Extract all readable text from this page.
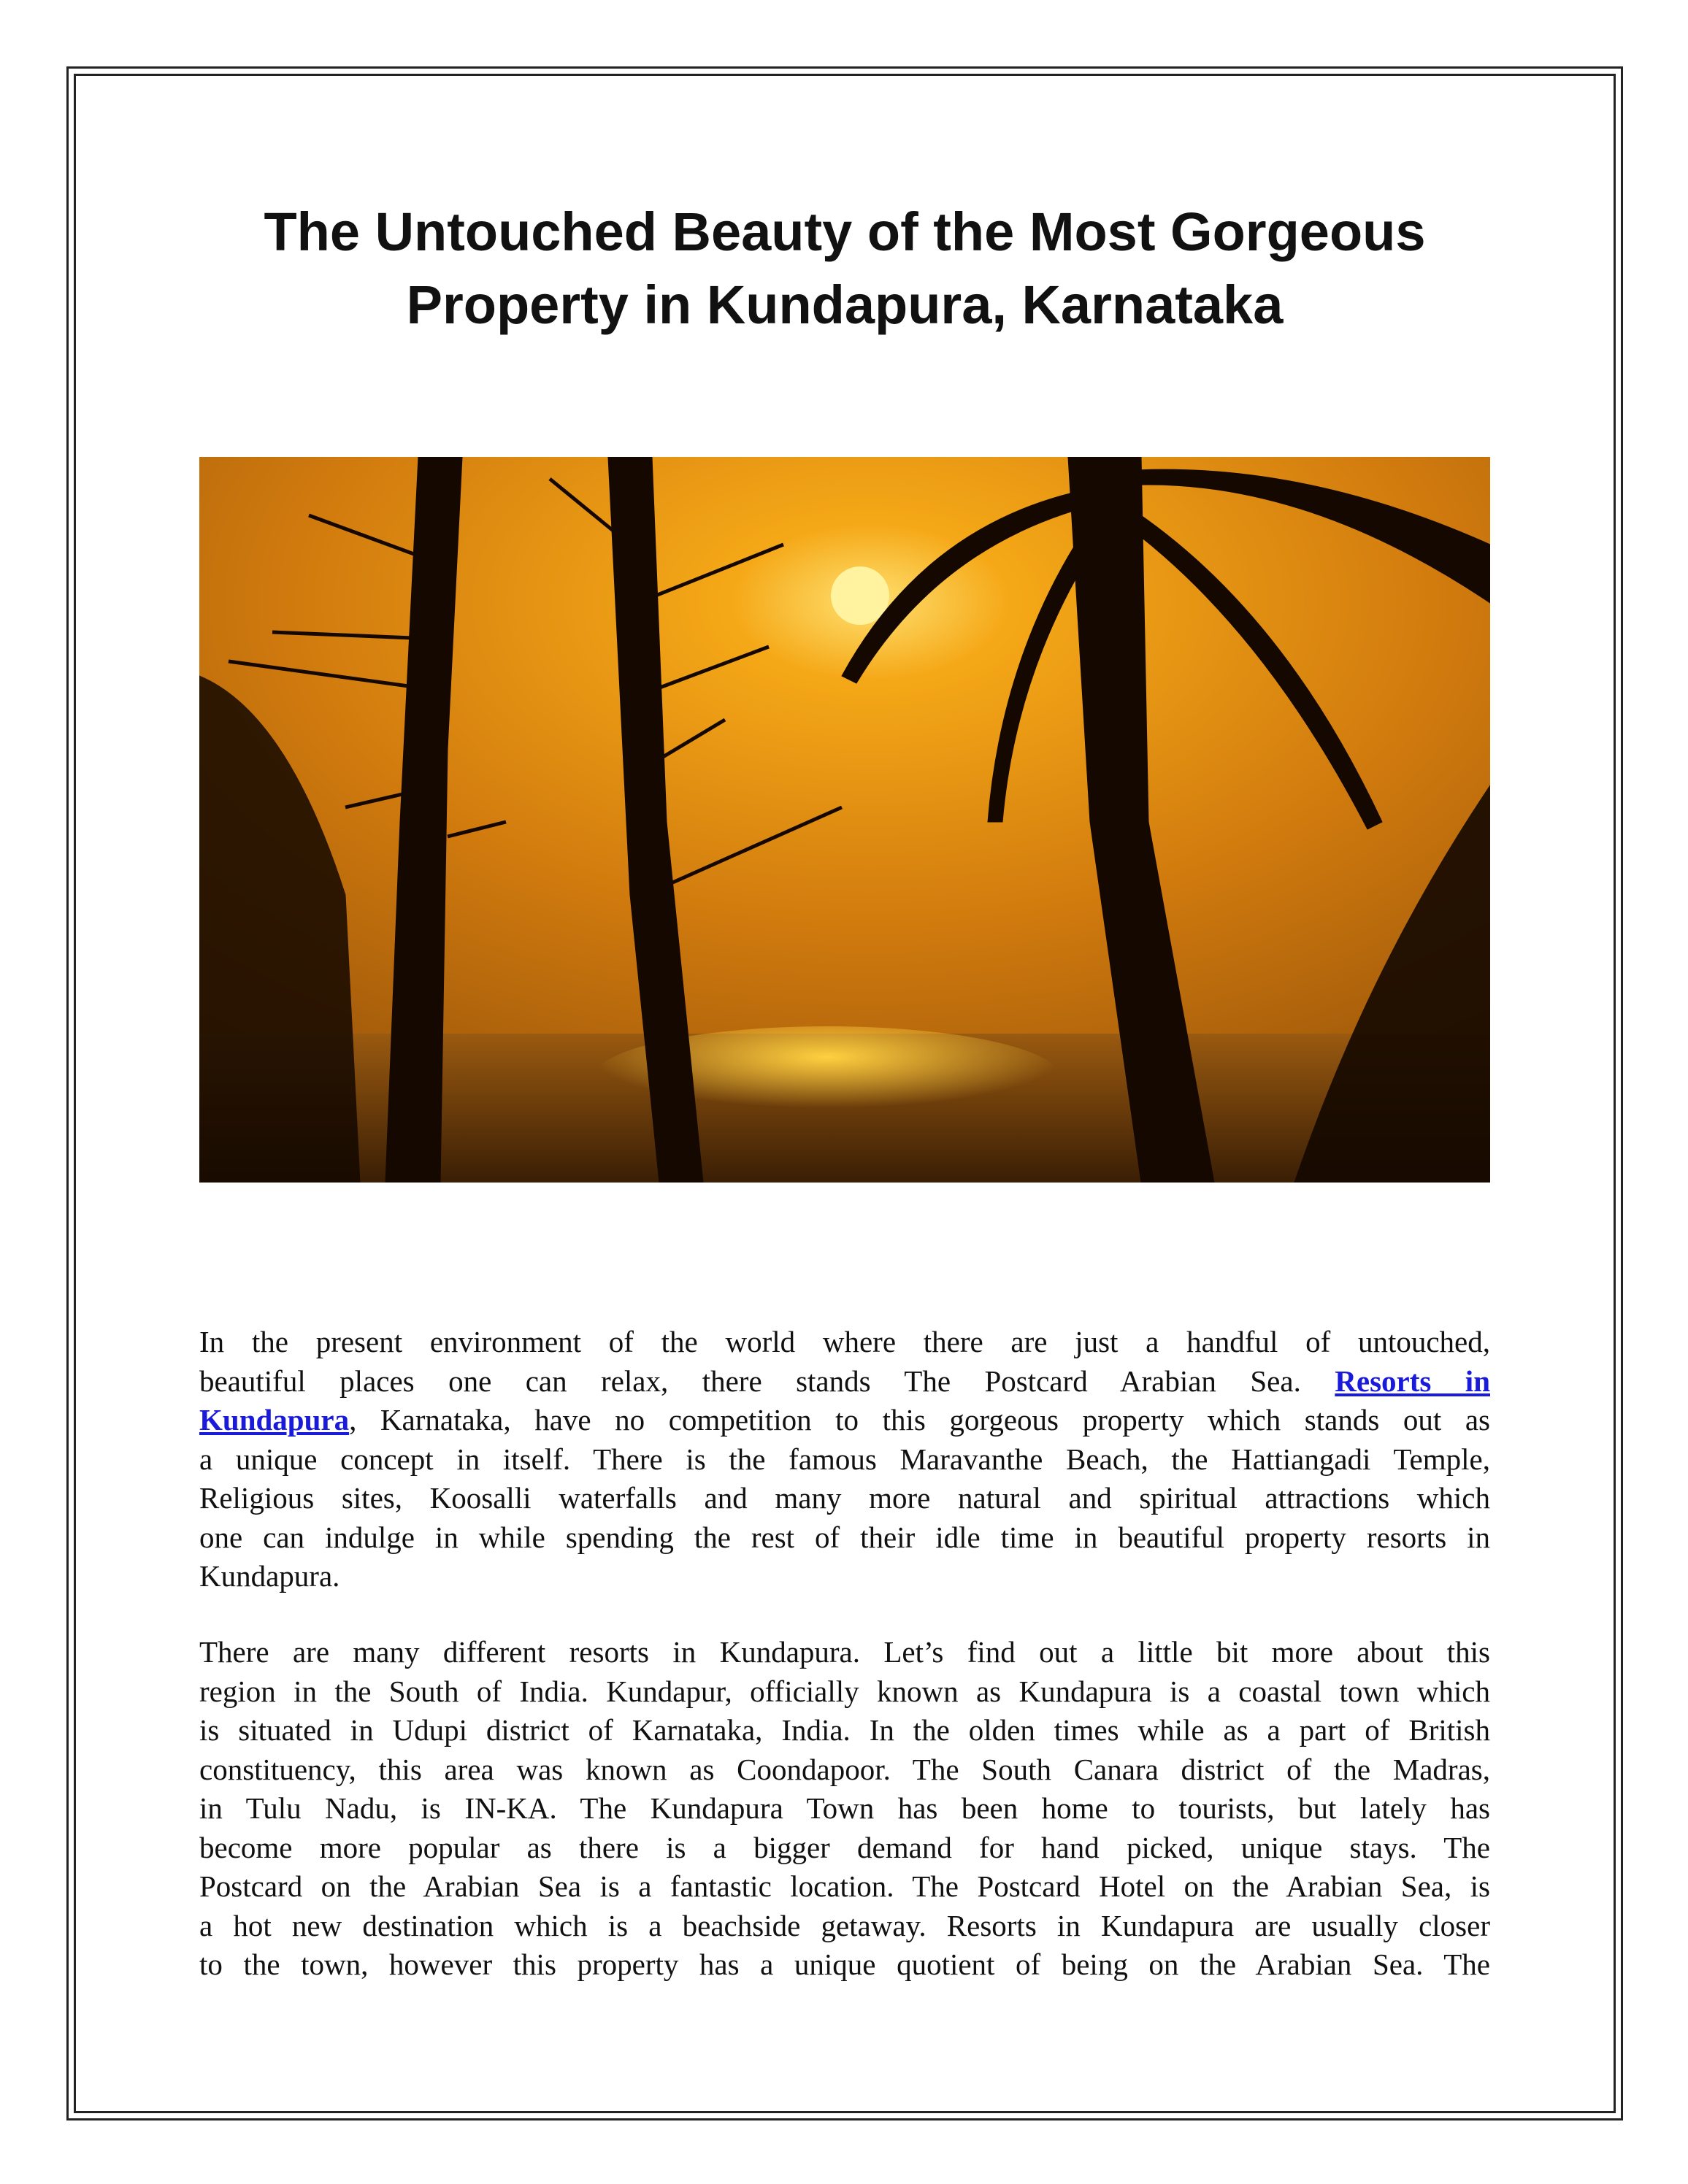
The Untouched Beauty of the Most Gorgeous
Property in Kundapura, Karnataka
In the present environment of the world where there are just a handful of untouched,
beautiful places one can relax, there stands The Postcard Arabian Sea. Resorts in
Kundapura, Karnataka, have no competition to this gorgeous property which stands out as
a unique concept in itself. There is the famous Maravanthe Beach, the Hattiangadi Temple,
Religious sites, Koosalli waterfalls and many more natural and spiritual attractions which
one can indulge in while spending the rest of their idle time in beautiful property resorts in
Kundapura.
There are many different resorts in Kundapura. Let’s find out a little bit more about this
region in the South of India. Kundapur, officially known as Kundapura is a coastal town which
is situated in Udupi district of Karnataka, India. In the olden times while as a part of British
constituency, this area was known as Coondapoor. The South Canara district of the Madras,
in Tulu Nadu, is IN-KA. The Kundapura Town has been home to tourists, but lately has
become more popular as there is a bigger demand for hand picked, unique stays. The
Postcard on the Arabian Sea is a fantastic location. The Postcard Hotel on the Arabian Sea, is
a hot new destination which is a beachside getaway. Resorts in Kundapura are usually closer
to the town, however this property has a unique quotient of being on the Arabian Sea. The
